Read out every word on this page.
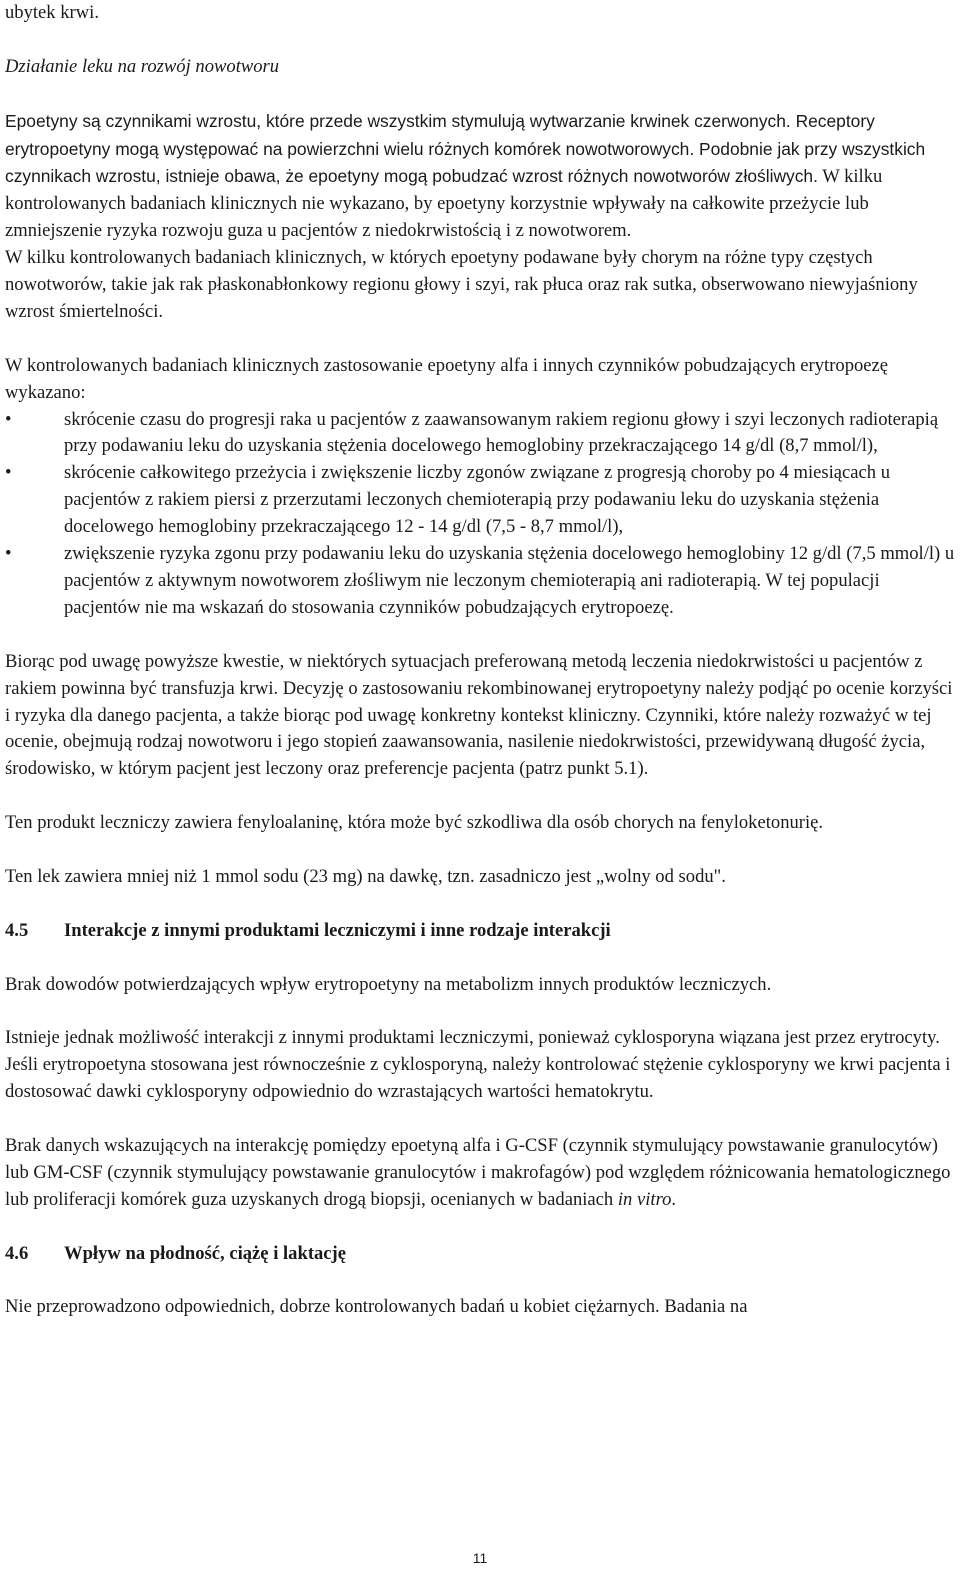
ubytek krwi.

Działanie leku na rozwój nowotworu

Epoetyny są czynnikami wzrostu, które przede wszystkim stymulują wytwarzanie krwinek czerwonych. Receptory erytropoetyny mogą występować na powierzchni wielu różnych komórek nowotworowych. Podobnie jak przy wszystkich czynnikach wzrostu, istnieje obawa, że epoetyny mogą pobudzać wzrost różnych nowotworów złośliwych. W kilku kontrolowanych badaniach klinicznych nie wykazano, by epoetyny korzystnie wpływały na całkowite przeżycie lub zmniejszenie ryzyka rozwoju guza u pacjentów z niedokrwistością i z nowotworem.

W kilku kontrolowanych badaniach klinicznych, w których epoetyny podawane były chorym na różne typy częstych nowotworów, takie jak rak płaskonabłonkowy regionu głowy i szyi, rak płuca oraz rak sutka, obserwowano niewyjaśniony wzrost śmiertelności.

W kontrolowanych badaniach klinicznych zastosowanie epoetyny alfa i innych czynników pobudzających erytropoezę wykazano:

•	skrócenie czasu do progresji raka u pacjentów z zaawansowanym rakiem regionu głowy i szyi leczonych radioterapią przy podawaniu leku do uzyskania stężenia docelowego hemoglobiny przekraczającego 14 g/dl (8,7 mmol/l),
•	skrócenie całkowitego przeżycia i zwiększenie liczby zgonów związane z progresją choroby po 4 miesiącach u pacjentów z rakiem piersi z przerzutami leczonych chemioterapią przy podawaniu leku do uzyskania stężenia docelowego hemoglobiny przekraczającego 12 - 14 g/dl (7,5 - 8,7 mmol/l),
•	zwiększenie ryzyka zgonu przy podawaniu leku do uzyskania stężenia docelowego hemoglobiny 12 g/dl (7,5 mmol/l) u pacjentów z aktywnym nowotworem złośliwym nie leczonym chemioterapią ani radioterapią. W tej populacji pacjentów nie ma wskazań do stosowania czynników pobudzających erytropoezę.

Biorąc pod uwagę powyższe kwestie, w niektórych sytuacjach preferowaną metodą leczenia niedokrwistości u pacjentów z rakiem powinna być transfuzja krwi. Decyzję o zastosowaniu rekombinowanej erytropoetyny należy podjąć po ocenie korzyści i ryzyka dla danego pacjenta, a także biorąc pod uwagę konkretny kontekst kliniczny. Czynniki, które należy rozważyć w tej ocenie, obejmują rodzaj nowotworu i jego stopień zaawansowania, nasilenie niedokrwistości, przewidywaną długość życia, środowisko, w którym pacjent jest leczony oraz preferencje pacjenta (patrz punkt 5.1).

Ten produkt leczniczy zawiera fenyloalaninę, która może być szkodliwa dla osób chorych na fenyloketonurię.

Ten lek zawiera mniej niż 1 mmol sodu (23 mg) na dawkę, tzn. zasadniczo jest „wolny od sodu".

4.5	Interakcje z innymi produktami leczniczymi i inne rodzaje interakcji

Brak dowodów potwierdzających wpływ erytropoetyny na metabolizm innych produktów leczniczych.

Istnieje jednak możliwość interakcji z innymi produktami leczniczymi, ponieważ cyklosporyna wiązana jest przez erytrocyty. Jeśli erytropoetyna stosowana jest równocześnie z cyklosporyną, należy kontrolować stężenie cyklosporyny we krwi pacjenta i dostosować dawki cyklosporyny odpowiednio do wzrastających wartości hematokrytu.

Brak danych wskazujących na interakcję pomiędzy epoetyną alfa i G-CSF (czynnik stymulujący powstawanie granulocytów) lub GM-CSF (czynnik stymulujący powstawanie granulocytów i makrofagów) pod względem różnicowania hematologicznego lub proliferacji komórek guza uzyskanych drogą biopsji, ocenianych w badaniach in vitro.

4.6	Wpływ na płodność, ciążę i laktację

Nie przeprowadzono odpowiednich, dobrze kontrolowanych badań u kobiet ciężarnych. Badania na

11
